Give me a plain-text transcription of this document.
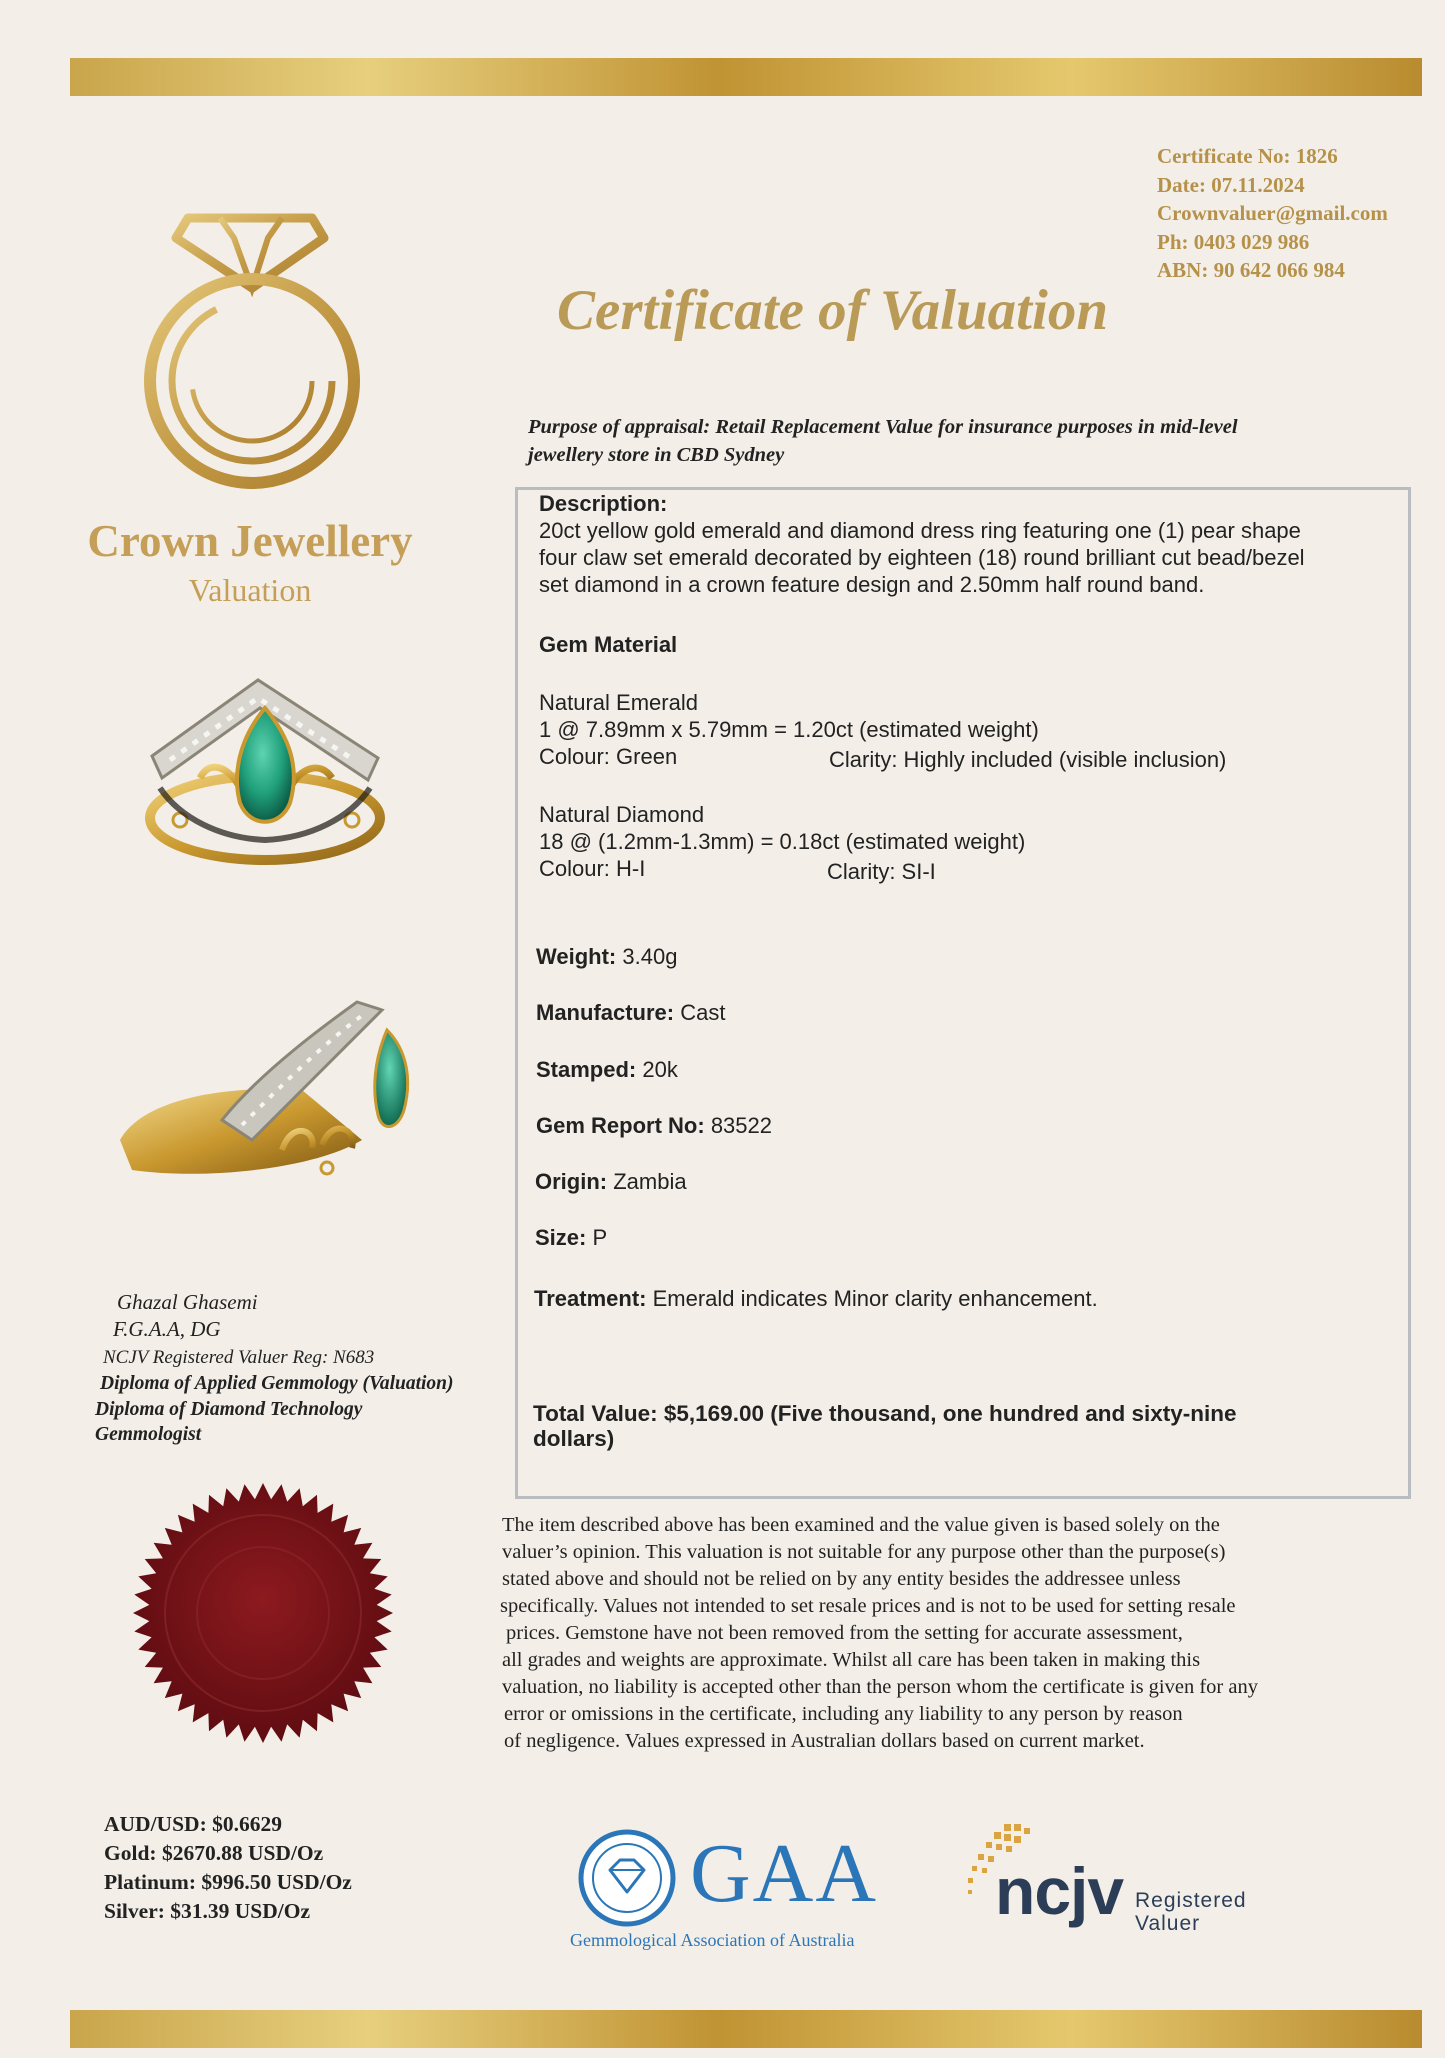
Certificate No: 1826
Date: 07.11.2024
Crownvaluer@gmail.com
Ph: 0403 029 986
ABN: 90 642 066 984
Certificate of Valuation
Crown Jewellery
Valuation
Purpose of appraisal: Retail Replacement Value for insurance purposes in mid-level
jewellery store in CBD Sydney
Description:
20ct yellow gold emerald and diamond dress ring featuring one (1) pear shape
four claw set emerald decorated by eighteen (18) round brilliant cut bead/bezel
set diamond in a crown feature design and 2.50mm half round band.
Gem Material
Natural Emerald
1 @ 7.89mm x 5.79mm = 1.20ct (estimated weight)
Colour: Green	Clarity: Highly included (visible inclusion)
Natural Diamond
18 @ (1.2mm-1.3mm) = 0.18ct (estimated weight)
Colour: H-I	Clarity: SI-I
Weight: 3.40g
Manufacture: Cast
Stamped: 20k
Gem Report No: 83522
Origin: Zambia
Size: P
Treatment: Emerald indicates Minor clarity enhancement.
Total Value: $5,169.00 (Five thousand, one hundred and sixty-nine
dollars)
Ghazal Ghasemi
F.G.A.A, DG
NCJV Registered Valuer Reg: N683
Diploma of Applied Gemmology (Valuation)
Diploma of Diamond Technology
Gemmologist
The item described above has been examined and the value given is based solely on the
valuer’s opinion. This valuation is not suitable for any purpose other than the purpose(s)
stated above and should not be relied on by any entity besides the addressee unless
specifically. Values not intended to set resale prices and is not to be used for setting resale
prices. Gemstone have not been removed from the setting for accurate assessment,
all grades and weights are approximate. Whilst all care has been taken in making this
valuation, no liability is accepted other than the person whom the certificate is given for any
error or omissions in the certificate, including any liability to any person by reason
of negligence. Values expressed in Australian dollars based on current market.
AUD/USD: $0.6629
Gold: $2670.88 USD/Oz
Platinum: $996.50 USD/Oz
Silver: $31.39 USD/Oz	GAA
Gemmological Association of Australia
ncjv Registered
Valuer
